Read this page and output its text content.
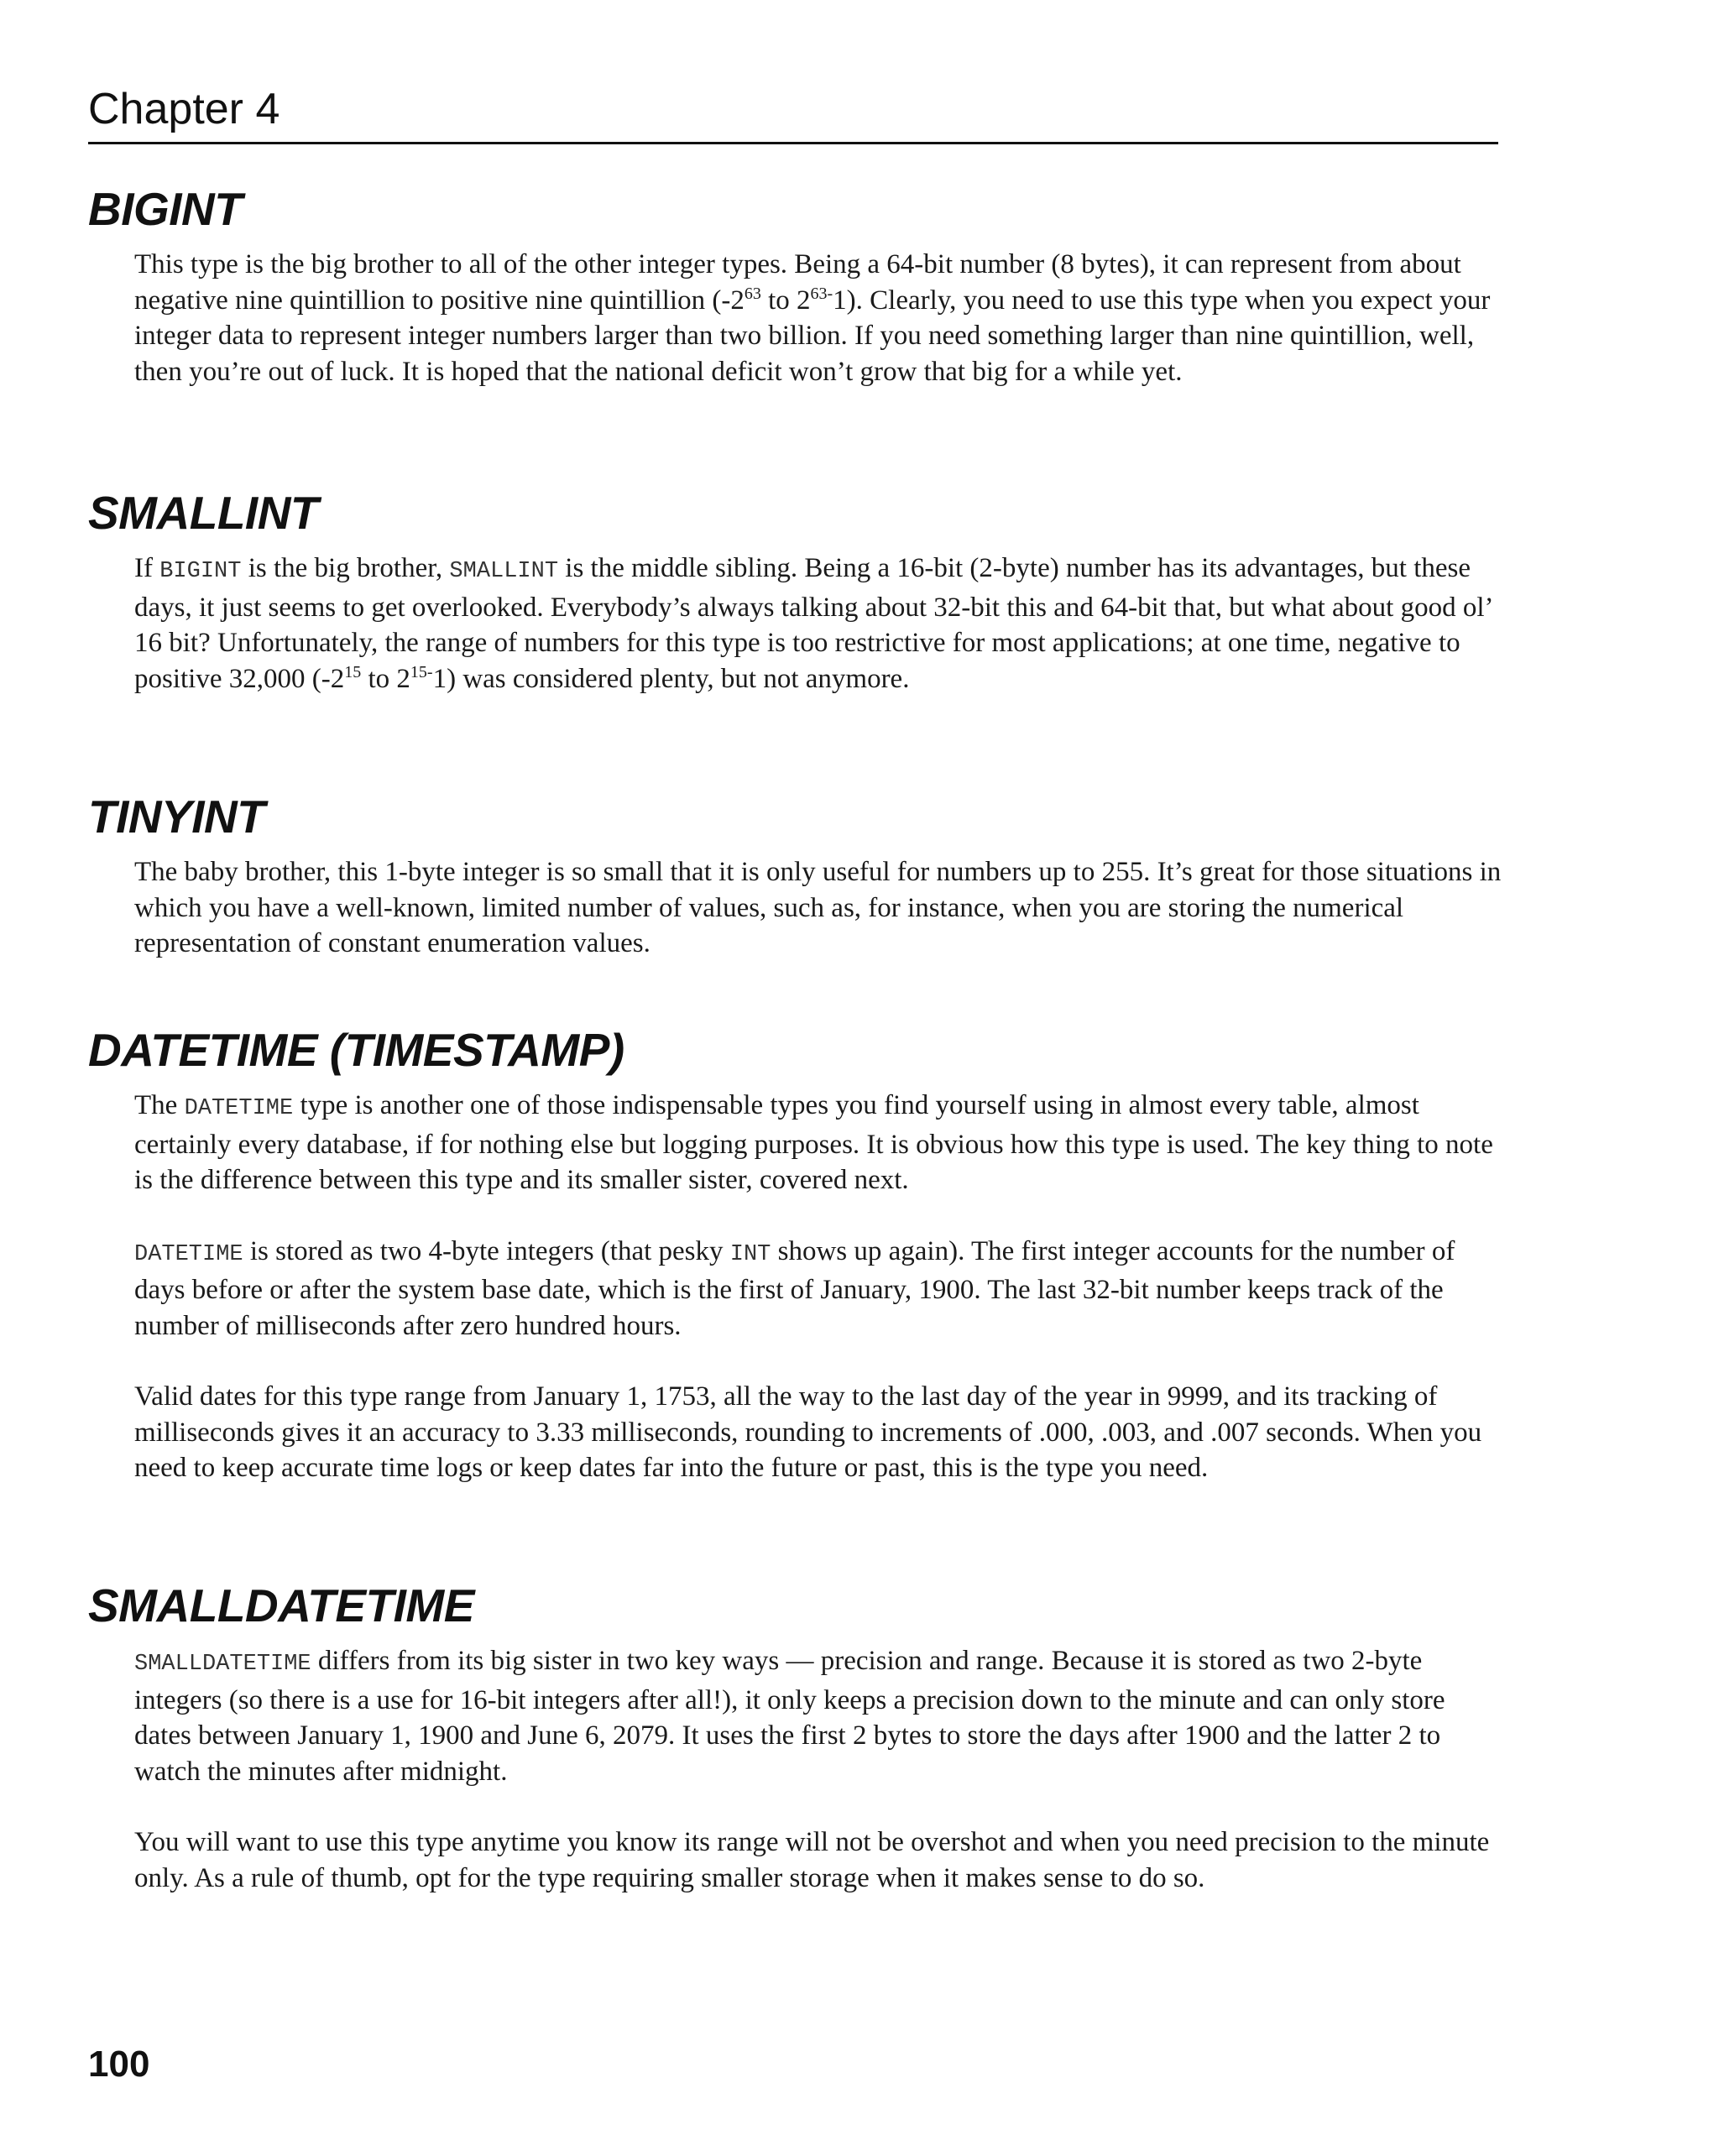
Chapter 4
BIGINT

This type is the big brother to all of the other integer types. Being a 64-bit number (8 bytes), it can represent from about negative nine quintillion to positive nine quintillion ($-2^{63}$ to $2^{63-}1$). Clearly, you need to use this type when you expect your integer data to represent integer numbers larger than two billion. If you need something larger than nine quintillion, well, then you’re out of luck. It is hoped that the national deficit won’t grow that big for a while yet.

SMALLINT

If BIGINT is the big brother, SMALLINT is the middle sibling. Being a 16-bit (2-byte) number has its advantages, but these days, it just seems to get overlooked. Everybody’s always talking about 32-bit this and 64-bit that, but what about good ol’ 16 bit? Unfortunately, the range of numbers for this type is too restrictive for most applications; at one time, negative to positive 32,000 ($-2^{15}$ to $2^{15-}1$) was considered plenty, but not anymore.

TINYINT

The baby brother, this 1-byte integer is so small that it is only useful for numbers up to 255. It’s great for those situations in which you have a well-known, limited number of values, such as, for instance, when you are storing the numerical representation of constant enumeration values.

DATETIME (TIMESTAMP)

The DATETIME type is another one of those indispensable types you find yourself using in almost every table, almost certainly every database, if for nothing else but logging purposes. It is obvious how this type is used. The key thing to note is the difference between this type and its smaller sister, covered next.

DATETIME is stored as two 4-byte integers (that pesky INT shows up again). The first integer accounts for the number of days before or after the system base date, which is the first of January, 1900. The last 32-bit number keeps track of the number of milliseconds after zero hundred hours.

Valid dates for this type range from January 1, 1753, all the way to the last day of the year in 9999, and its tracking of milliseconds gives it an accuracy to 3.33 milliseconds, rounding to increments of .000, .003, and .007 seconds. When you need to keep accurate time logs or keep dates far into the future or past, this is the type you need.

SMALLDATETIME

SMALLDATETIME differs from its big sister in two key ways — precision and range. Because it is stored as two 2-byte integers (so there is a use for 16-bit integers after all!), it only keeps a precision down to the minute and can only store dates between January 1, 1900 and June 6, 2079. It uses the first 2 bytes to store the days after 1900 and the latter 2 to watch the minutes after midnight.

You will want to use this type anytime you know its range will not be overshot and when you need precision to the minute only. As a rule of thumb, opt for the type requiring smaller storage when it makes sense to do so.

100
